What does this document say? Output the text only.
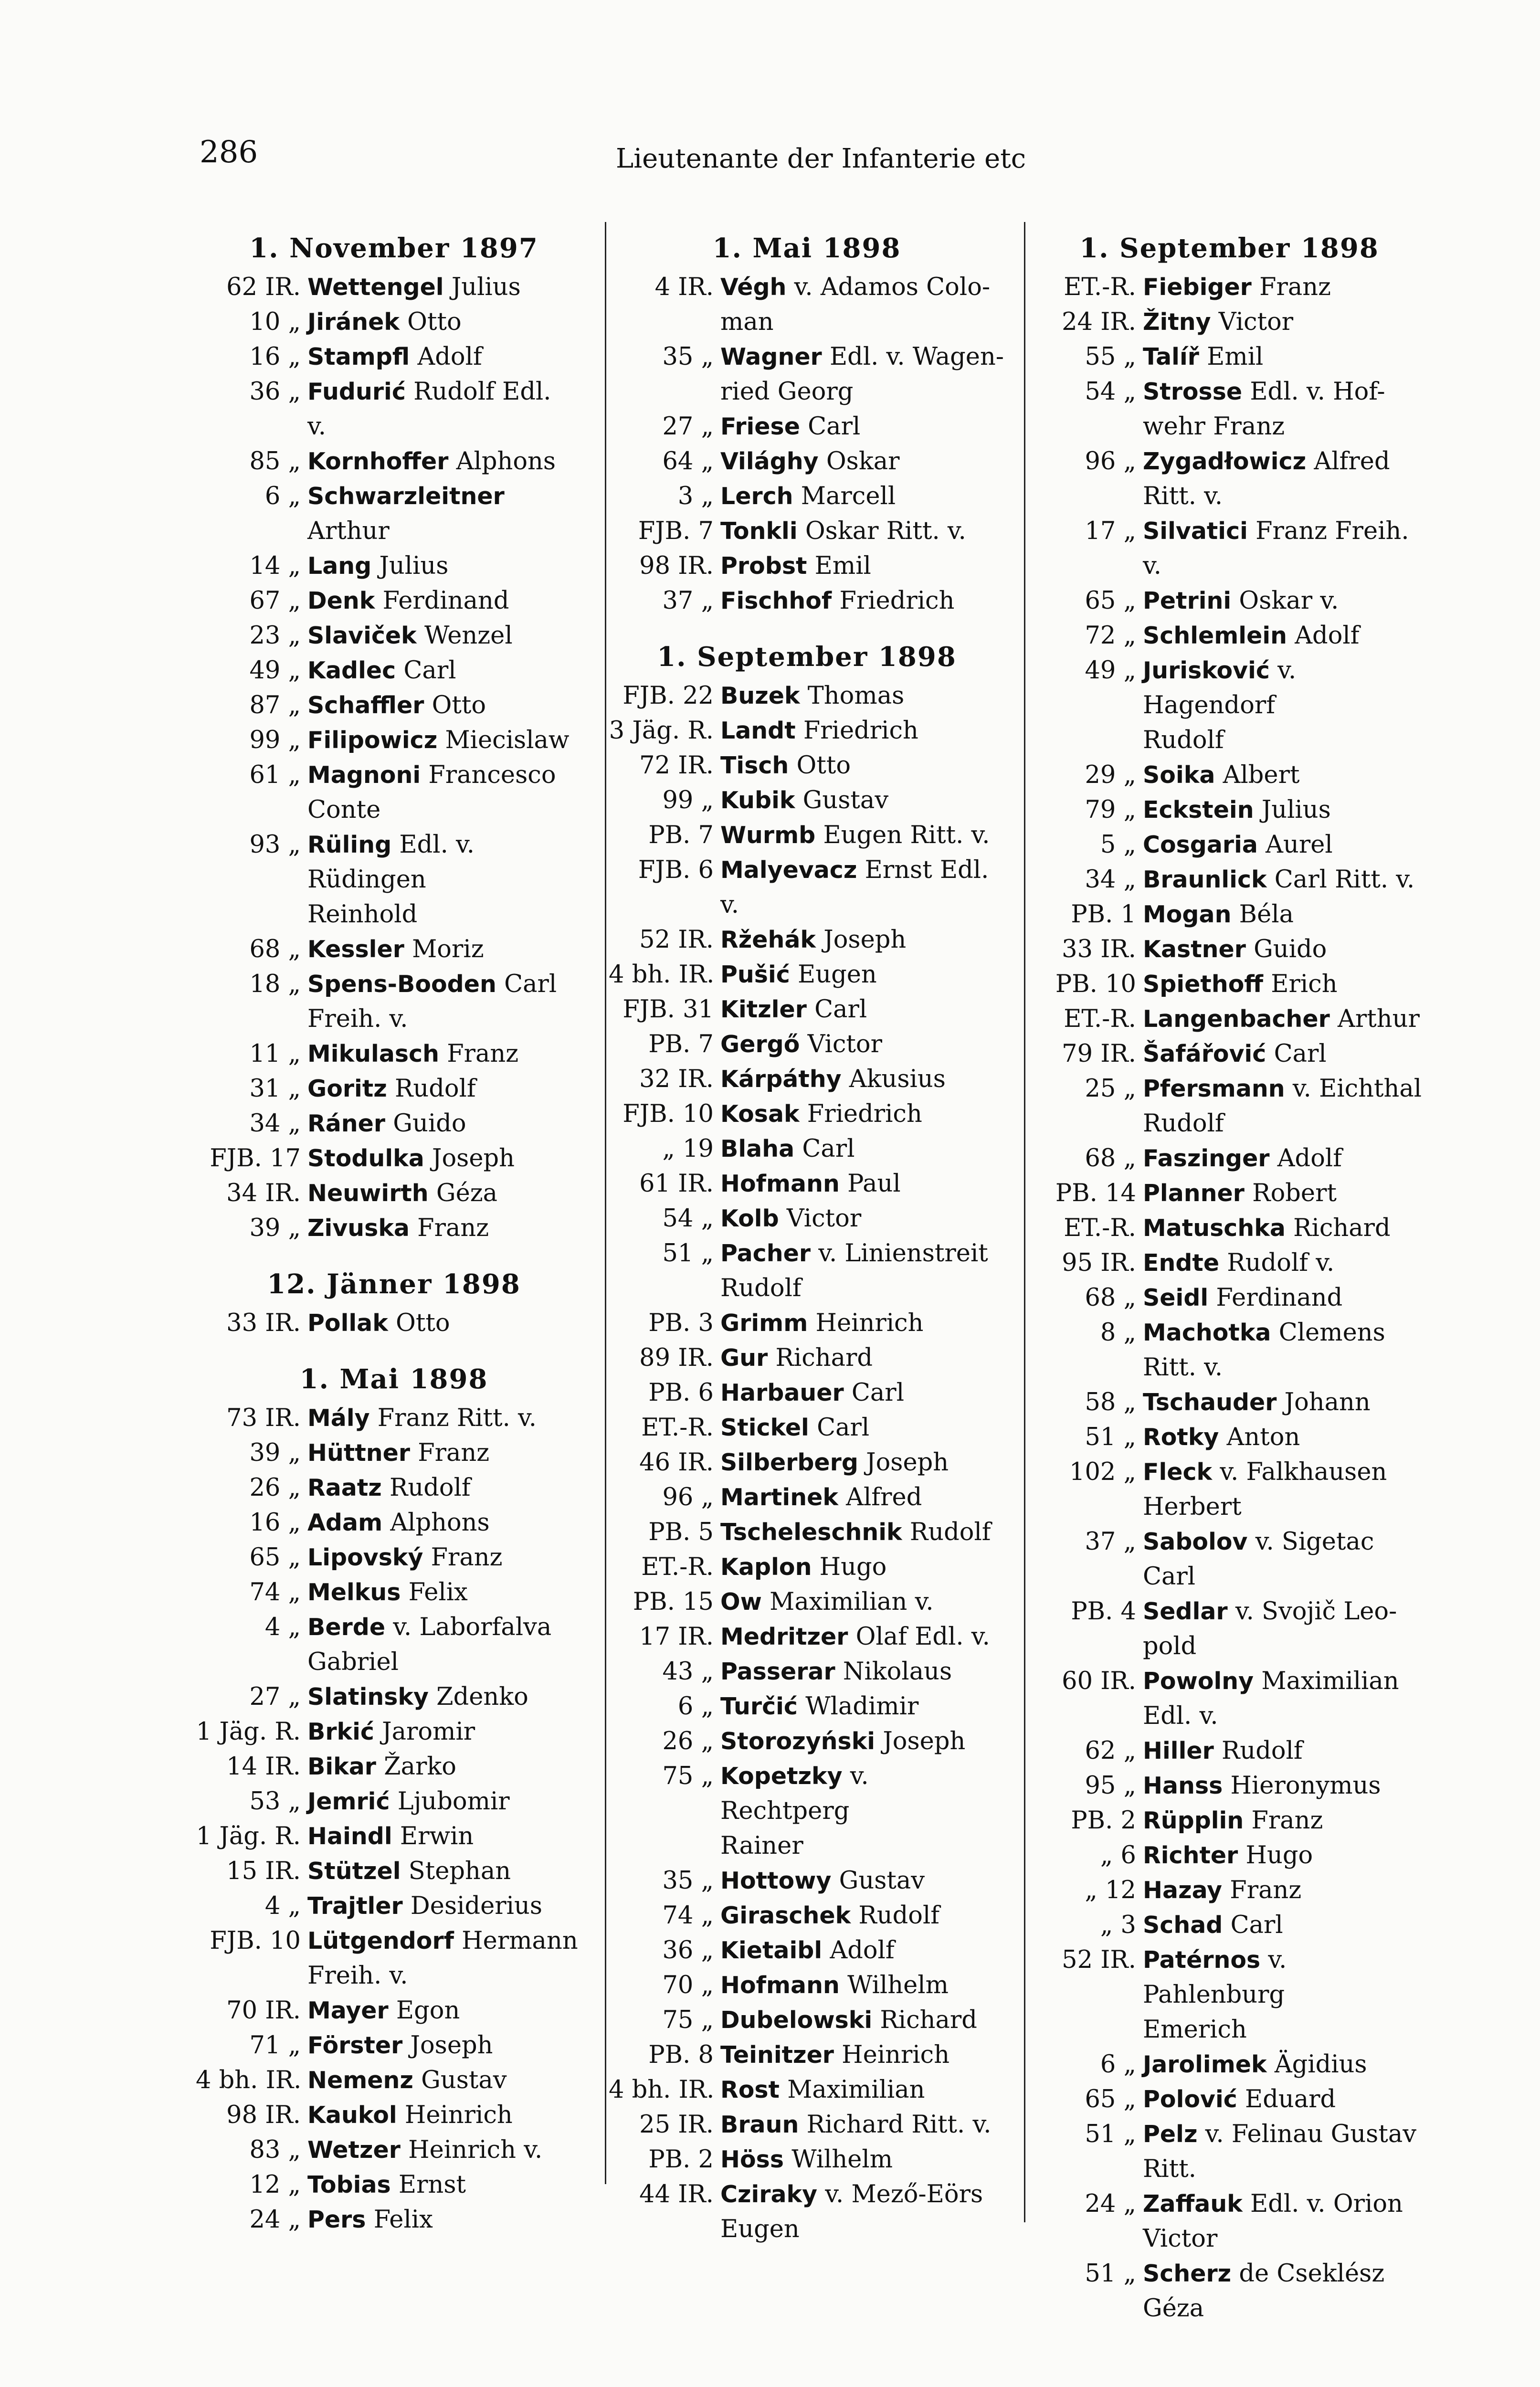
286	Lieutenante der Infanterie etc
1. November 1897
62 IR. Wettengel Julius
10 „ Jiránek Otto
16 „ Stampfl Adolf
36 „ Fudurić Rudolf Edl.
v.
85 „ Kornhoffer Alphons
6 „ Schwarzleitner Arthur
14 „ Lang Julius
67 „ Denk Ferdinand
23 „ Slaviček Wenzel
49 „ Kadlec Carl
87 „ Schaffler Otto
99 „ Filipowicz Miecislaw
61 „ Magnoni Francesco
Conte
93 „ Rüling Edl. v. Rüdingen
Reinhold
68 „ Kessler Moriz
18 „ Spens-Booden Carl
Freih. v.
11 „ Mikulasch Franz
31 „ Goritz Rudolf
34 „ Ráner Guido
FJB. 17 Stodulka Joseph
34 IR. Neuwirth Géza
39 „ Zivuska Franz
12. Jänner 1898
33 IR. Pollak Otto
1. Mai 1898
73 IR. Mály Franz Ritt. v.
39 „ Hüttner Franz
26 „ Raatz Rudolf
16 „ Adam Alphons
65 „ Lipovský Franz
74 „ Melkus Felix
4 „ Berde v. Laborfalva
Gabriel
27 „ Slatinsky Zdenko
1 Jäg. R. Brkić Jaromir
14 IR. Bikar Žarko
53 „ Jemrić Ljubomir
1 Jäg. R. Haindl Erwin
15 IR. Stützel Stephan
4 „ Trajtler Desiderius
FJB. 10 Lütgendorf Hermann
Freih. v.
70 IR. Mayer Egon
71 „ Förster Joseph
4 bh. IR. Nemenz Gustav
98 IR. Kaukol Heinrich
83 „ Wetzer Heinrich v.
12 „ Tobias Ernst
24 „ Pers Felix
1. Mai 1898
4 IR. Végh v. Adamos Colo-
man
35 „ Wagner Edl. v. Wagen-
ried Georg
27 „ Friese Carl
64 „ Világhy Oskar
3 „ Lerch Marcell
FJB. 7 Tonkli Oskar Ritt. v.
98 IR. Probst Emil
37 „ Fischhof Friedrich
1. September 1898
FJB. 22 Buzek Thomas
3 Jäg. R. Landt Friedrich
72 IR. Tisch Otto
99 „ Kubik Gustav
PB. 7 Wurmb Eugen Ritt. v.
FJB. 6 Malyevacz Ernst Edl. v.
52 IR. Ržehák Joseph
4 bh. IR. Pušić Eugen
FJB. 31 Kitzler Carl
PB. 7 Gergő Victor
32 IR. Kárpáthy Akusius
FJB. 10 Kosak Friedrich
„ 19 Blaha Carl
61 IR. Hofmann Paul
54 „ Kolb Victor
51 „ Pacher v. Linienstreit
Rudolf
PB. 3 Grimm Heinrich
89 IR. Gur Richard
PB. 6 Harbauer Carl
ET.-R. Stickel Carl
46 IR. Silberberg Joseph
96 „ Martinek Alfred
PB. 5 Tscheleschnik Rudolf
ET.-R. Kaplon Hugo
PB. 15 Ow Maximilian v.
17 IR. Medritzer Olaf Edl. v.
43 „ Passerar Nikolaus
6 „ Turčić Wladimir
26 „ Storozyński Joseph
75 „ Kopetzky v. Rechtperg
Rainer
35 „ Hottowy Gustav
74 „ Giraschek Rudolf
36 „ Kietaibl Adolf
70 „ Hofmann Wilhelm
75 „ Dubelowski Richard
PB. 8 Teinitzer Heinrich
4 bh. IR. Rost Maximilian
25 IR. Braun Richard Ritt. v.
PB. 2 Höss Wilhelm
44 IR. Cziraky v. Mező-Eörs
Eugen
1. September 1898
ET.-R. Fiebiger Franz
24 IR. Žitny Victor
55 „ Talíř Emil
54 „ Strosse Edl. v. Hof-
wehr Franz
96 „ Zygadłowicz Alfred
Ritt. v.
17 „ Silvatici Franz Freih. v.
65 „ Petrini Oskar v.
72 „ Schlemlein Adolf
49 „ Jurisković v. Hagendorf
Rudolf
29 „ Soika Albert
79 „ Eckstein Julius
5 „ Cosgaria Aurel
34 „ Braunlick Carl Ritt. v.
PB. 1 Mogan Béla
33 IR. Kastner Guido
PB. 10 Spiethoff Erich
ET.-R. Langenbacher Arthur
79 IR. Šafářović Carl
25 „ Pfersmann v. Eichthal
Rudolf
68 „ Faszinger Adolf
PB. 14 Planner Robert
ET.-R. Matuschka Richard
95 IR. Endte Rudolf v.
68 „ Seidl Ferdinand
8 „ Machotka Clemens
Ritt. v.
58 „ Tschauder Johann
51 „ Rotky Anton
102 „ Fleck v. Falkhausen
Herbert
37 „ Sabolov v. Sigetac Carl
PB. 4 Sedlar v. Svojič Leo-
pold
60 IR. Powolny Maximilian
Edl. v.
62 „ Hiller Rudolf
95 „ Hanss Hieronymus
PB. 2 Rüpplin Franz
„ 6 Richter Hugo
„ 12 Hazay Franz
„ 3 Schad Carl
52 IR. Patérnos v. Pahlenburg
Emerich
6 „ Jarolimek Ägidius
65 „ Polović Eduard
51 „ Pelz v. Felinau Gustav
Ritt.
24 „ Zaffauk Edl. v. Orion
Victor
51 „ Scherz de Cseklész
Géza
